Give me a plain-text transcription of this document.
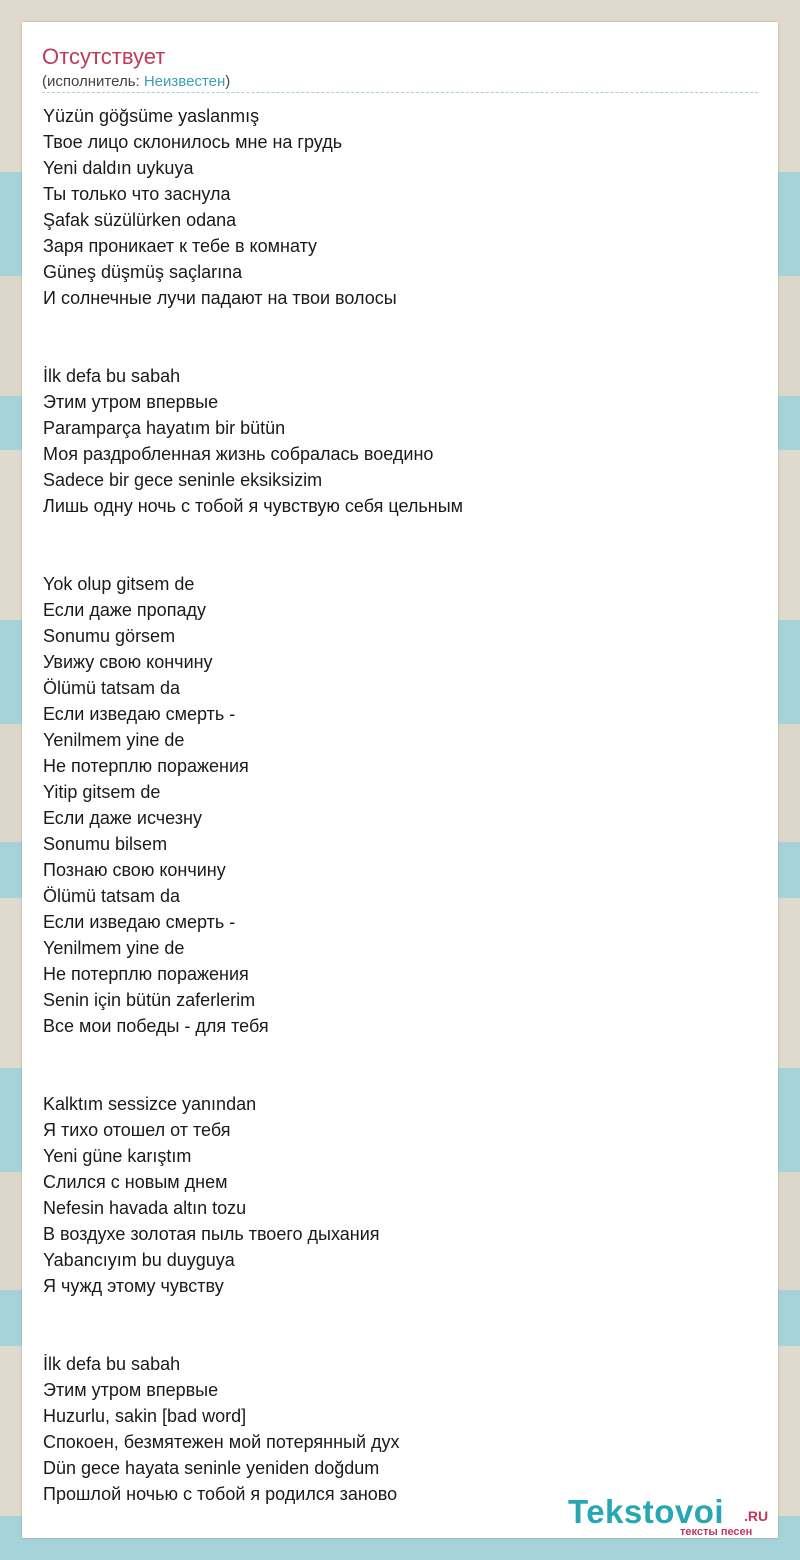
Отсутствует
(исполнитель: Неизвестен)
Yüzün göğsüme yaslanmış
Твое лицо склонилось мне на грудь
Yeni daldın uykuya
Ты только что заснула
Şafak süzülürken odana
Заря проникает к тебе в комнату
Güneş düşmüş saçlarına
И солнечные лучи падают на твои волосы
İlk defa bu sabah
Этим утром впервые
Paramparça hayatım bir bütün
Моя раздробленная жизнь собралась воедино
Sadece bir gece seninle eksiksizim
Лишь одну ночь с тобой я чувствую себя цельным
Yok olup gitsem de
Если даже пропаду
Sonumu görsem
Увижу свою кончину
Ölümü tatsam da
Если изведаю смерть -
Yenilmem yine de
Не потерплю поражения
Yitip gitsem de
Если даже исчезну
Sonumu bilsem
Познаю свою кончину
Ölümü tatsam da
Если изведаю смерть -
Yenilmem yine de
Не потерплю поражения
Senin için bütün zaferlerim
Все мои победы - для тебя
Kalktım sessizce yanından
Я тихо отошел от тебя
Yeni güne karıştım
Слился с новым днем
Nefesin havada altın tozu
В воздухе золотая пыль твоего дыхания
Yabancıyım bu duyguya
Я чужд этому чувству
İlk defa bu sabah
Этим утром впервые
Huzurlu, sakin [bad word]
Спокоен, безмятежен мой потерянный дух
Dün gece hayata seninle yeniden doğdum
Прошлой ночью с тобой я родился заново	Tekstovoi .RU
тексты песен
